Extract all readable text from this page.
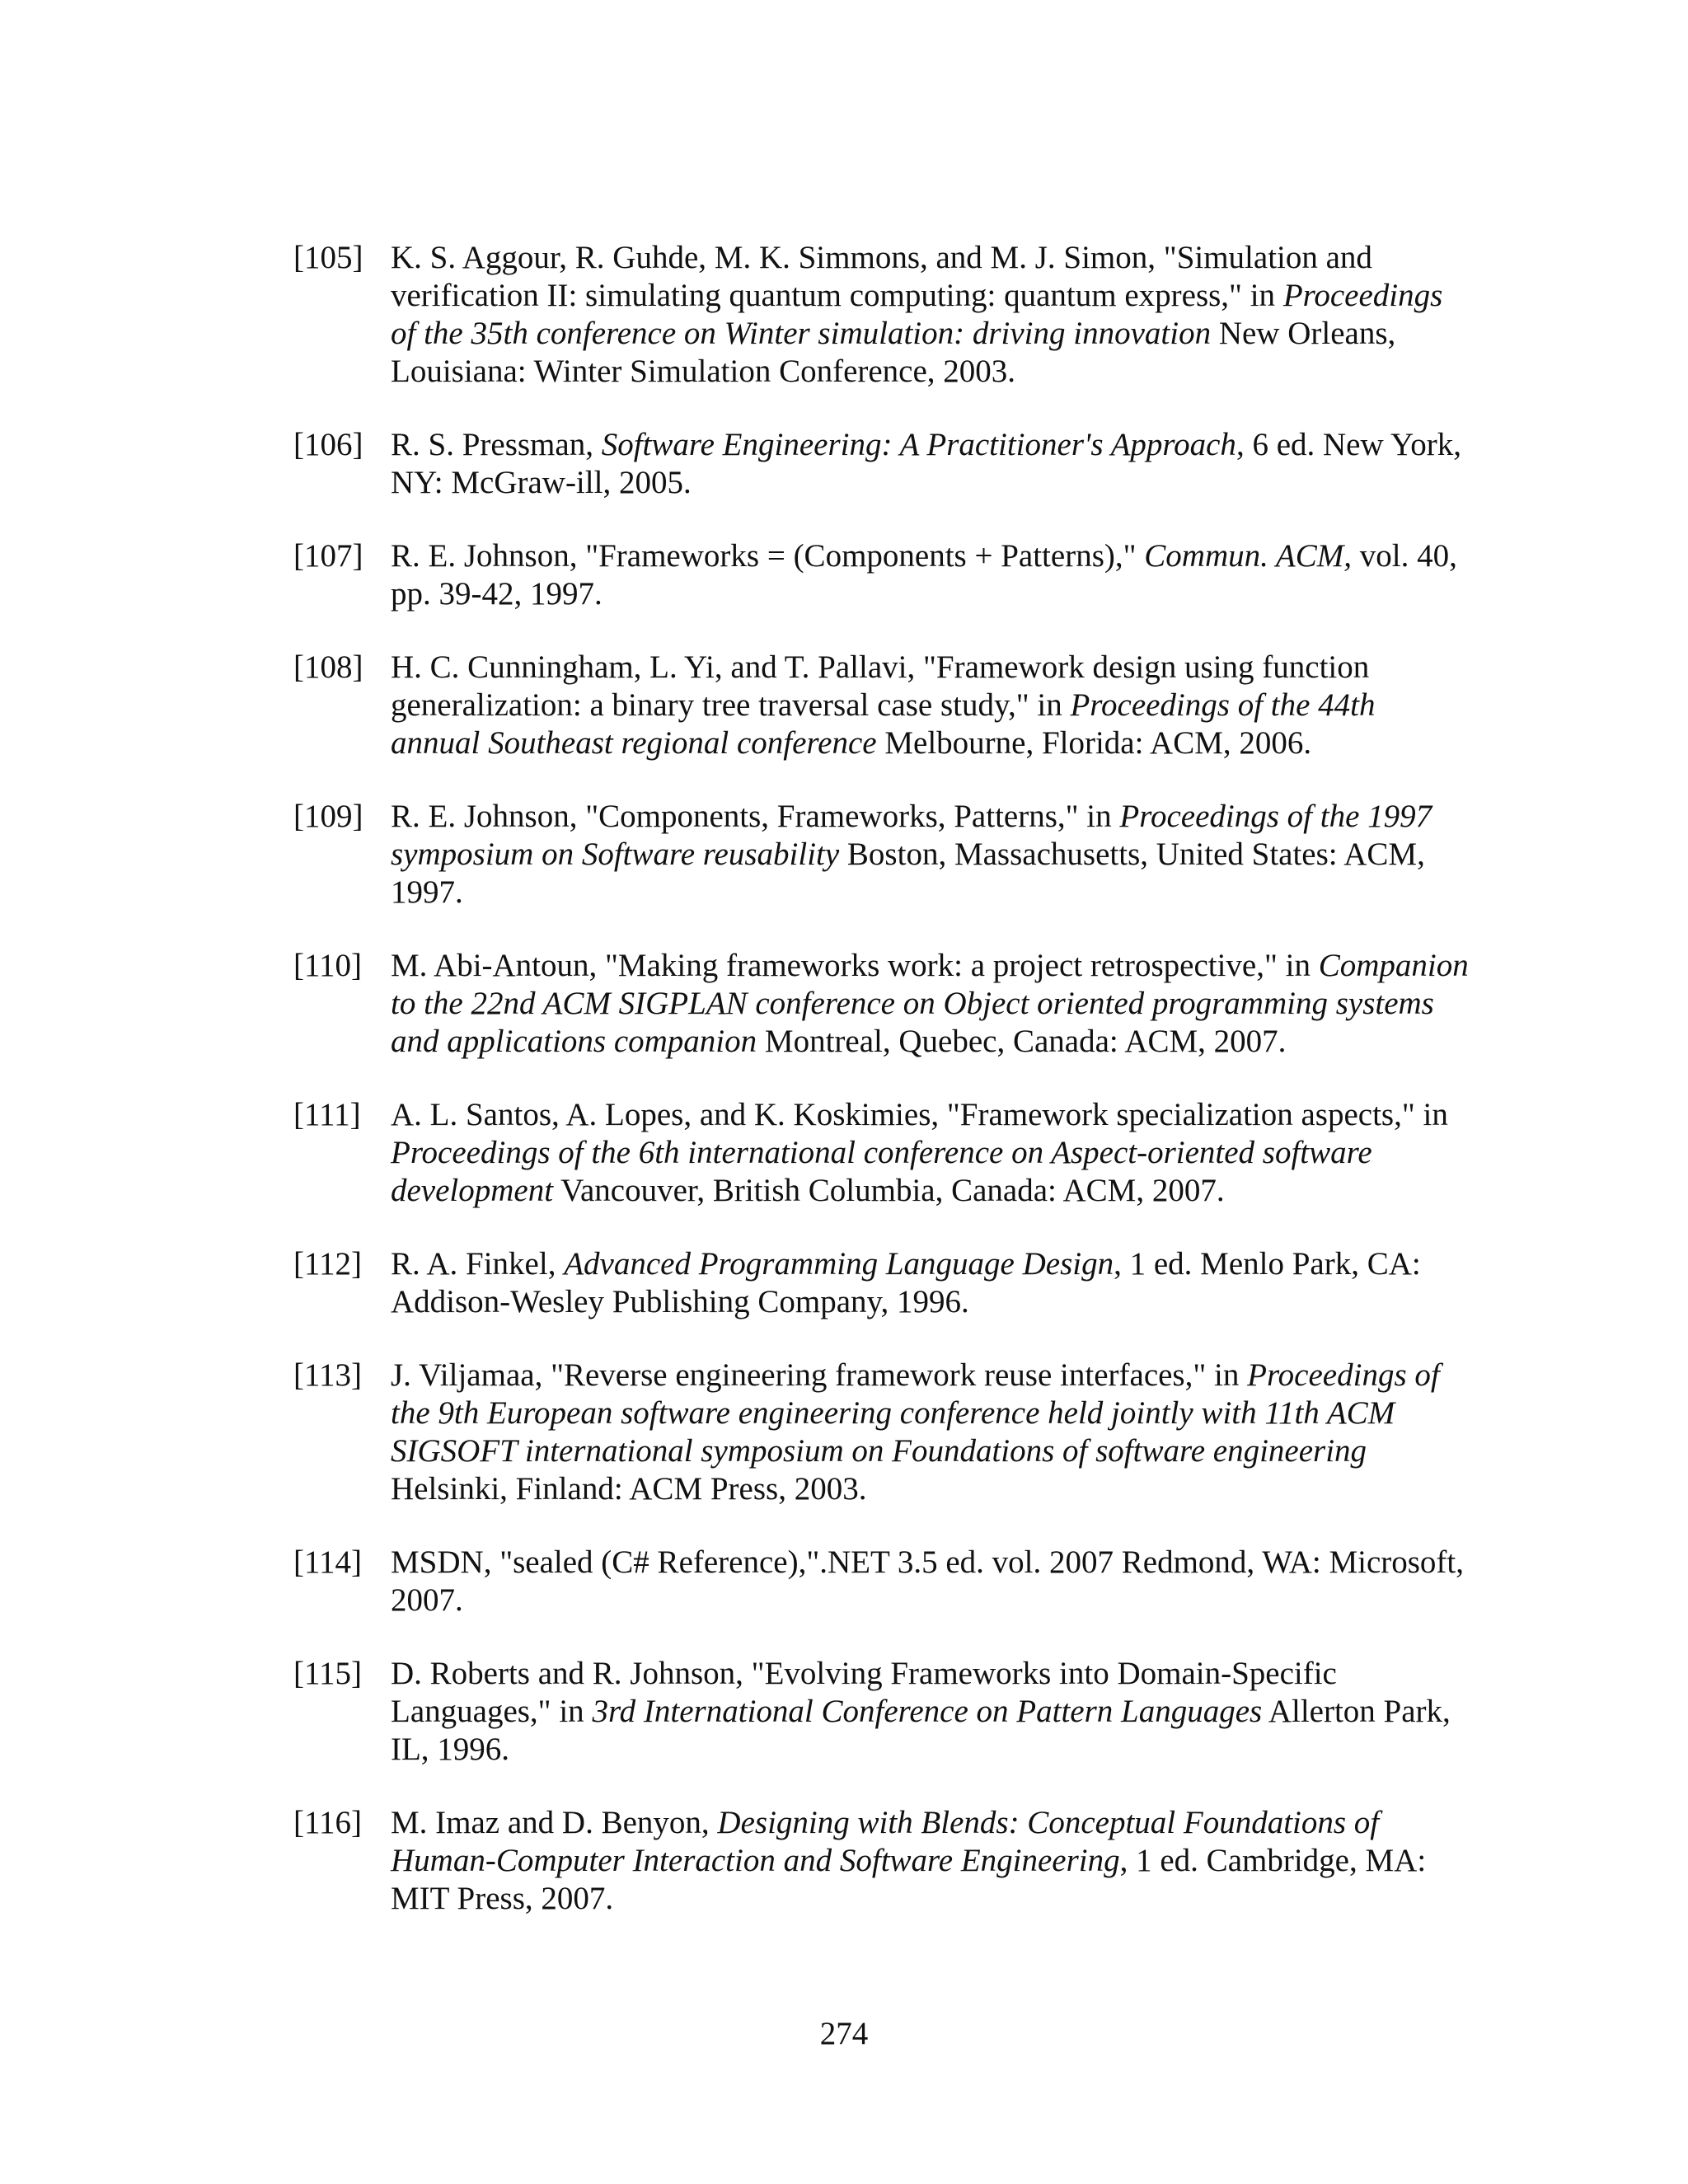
[105] K. S. Aggour, R. Guhde, M. K. Simmons, and M. J. Simon, "Simulation and verification II: simulating quantum computing: quantum express," in Proceedings of the 35th conference on Winter simulation: driving innovation New Orleans, Louisiana: Winter Simulation Conference, 2003.
[106] R. S. Pressman, Software Engineering: A Practitioner's Approach, 6 ed. New York, NY: McGraw-ill, 2005.
[107] R. E. Johnson, "Frameworks = (Components + Patterns)," Commun. ACM, vol. 40, pp. 39-42, 1997.
[108] H. C. Cunningham, L. Yi, and T. Pallavi, "Framework design using function generalization: a binary tree traversal case study," in Proceedings of the 44th annual Southeast regional conference Melbourne, Florida: ACM, 2006.
[109] R. E. Johnson, "Components, Frameworks, Patterns," in Proceedings of the 1997 symposium on Software reusability Boston, Massachusetts, United States: ACM, 1997.
[110] M. Abi-Antoun, "Making frameworks work: a project retrospective," in Companion to the 22nd ACM SIGPLAN conference on Object oriented programming systems and applications companion Montreal, Quebec, Canada: ACM, 2007.
[111] A. L. Santos, A. Lopes, and K. Koskimies, "Framework specialization aspects," in Proceedings of the 6th international conference on Aspect-oriented software development Vancouver, British Columbia, Canada: ACM, 2007.
[112] R. A. Finkel, Advanced Programming Language Design, 1 ed. Menlo Park, CA: Addison-Wesley Publishing Company, 1996.
[113] J. Viljamaa, "Reverse engineering framework reuse interfaces," in Proceedings of the 9th European software engineering conference held jointly with 11th ACM SIGSOFT international symposium on Foundations of software engineering Helsinki, Finland: ACM Press, 2003.
[114] MSDN, "sealed (C# Reference),".NET 3.5 ed. vol. 2007 Redmond, WA: Microsoft, 2007.
[115] D. Roberts and R. Johnson, "Evolving Frameworks into Domain-Specific Languages," in 3rd International Conference on Pattern Languages Allerton Park, IL, 1996.
[116] M. Imaz and D. Benyon, Designing with Blends: Conceptual Foundations of Human-Computer Interaction and Software Engineering, 1 ed. Cambridge, MA: MIT Press, 2007.
274
